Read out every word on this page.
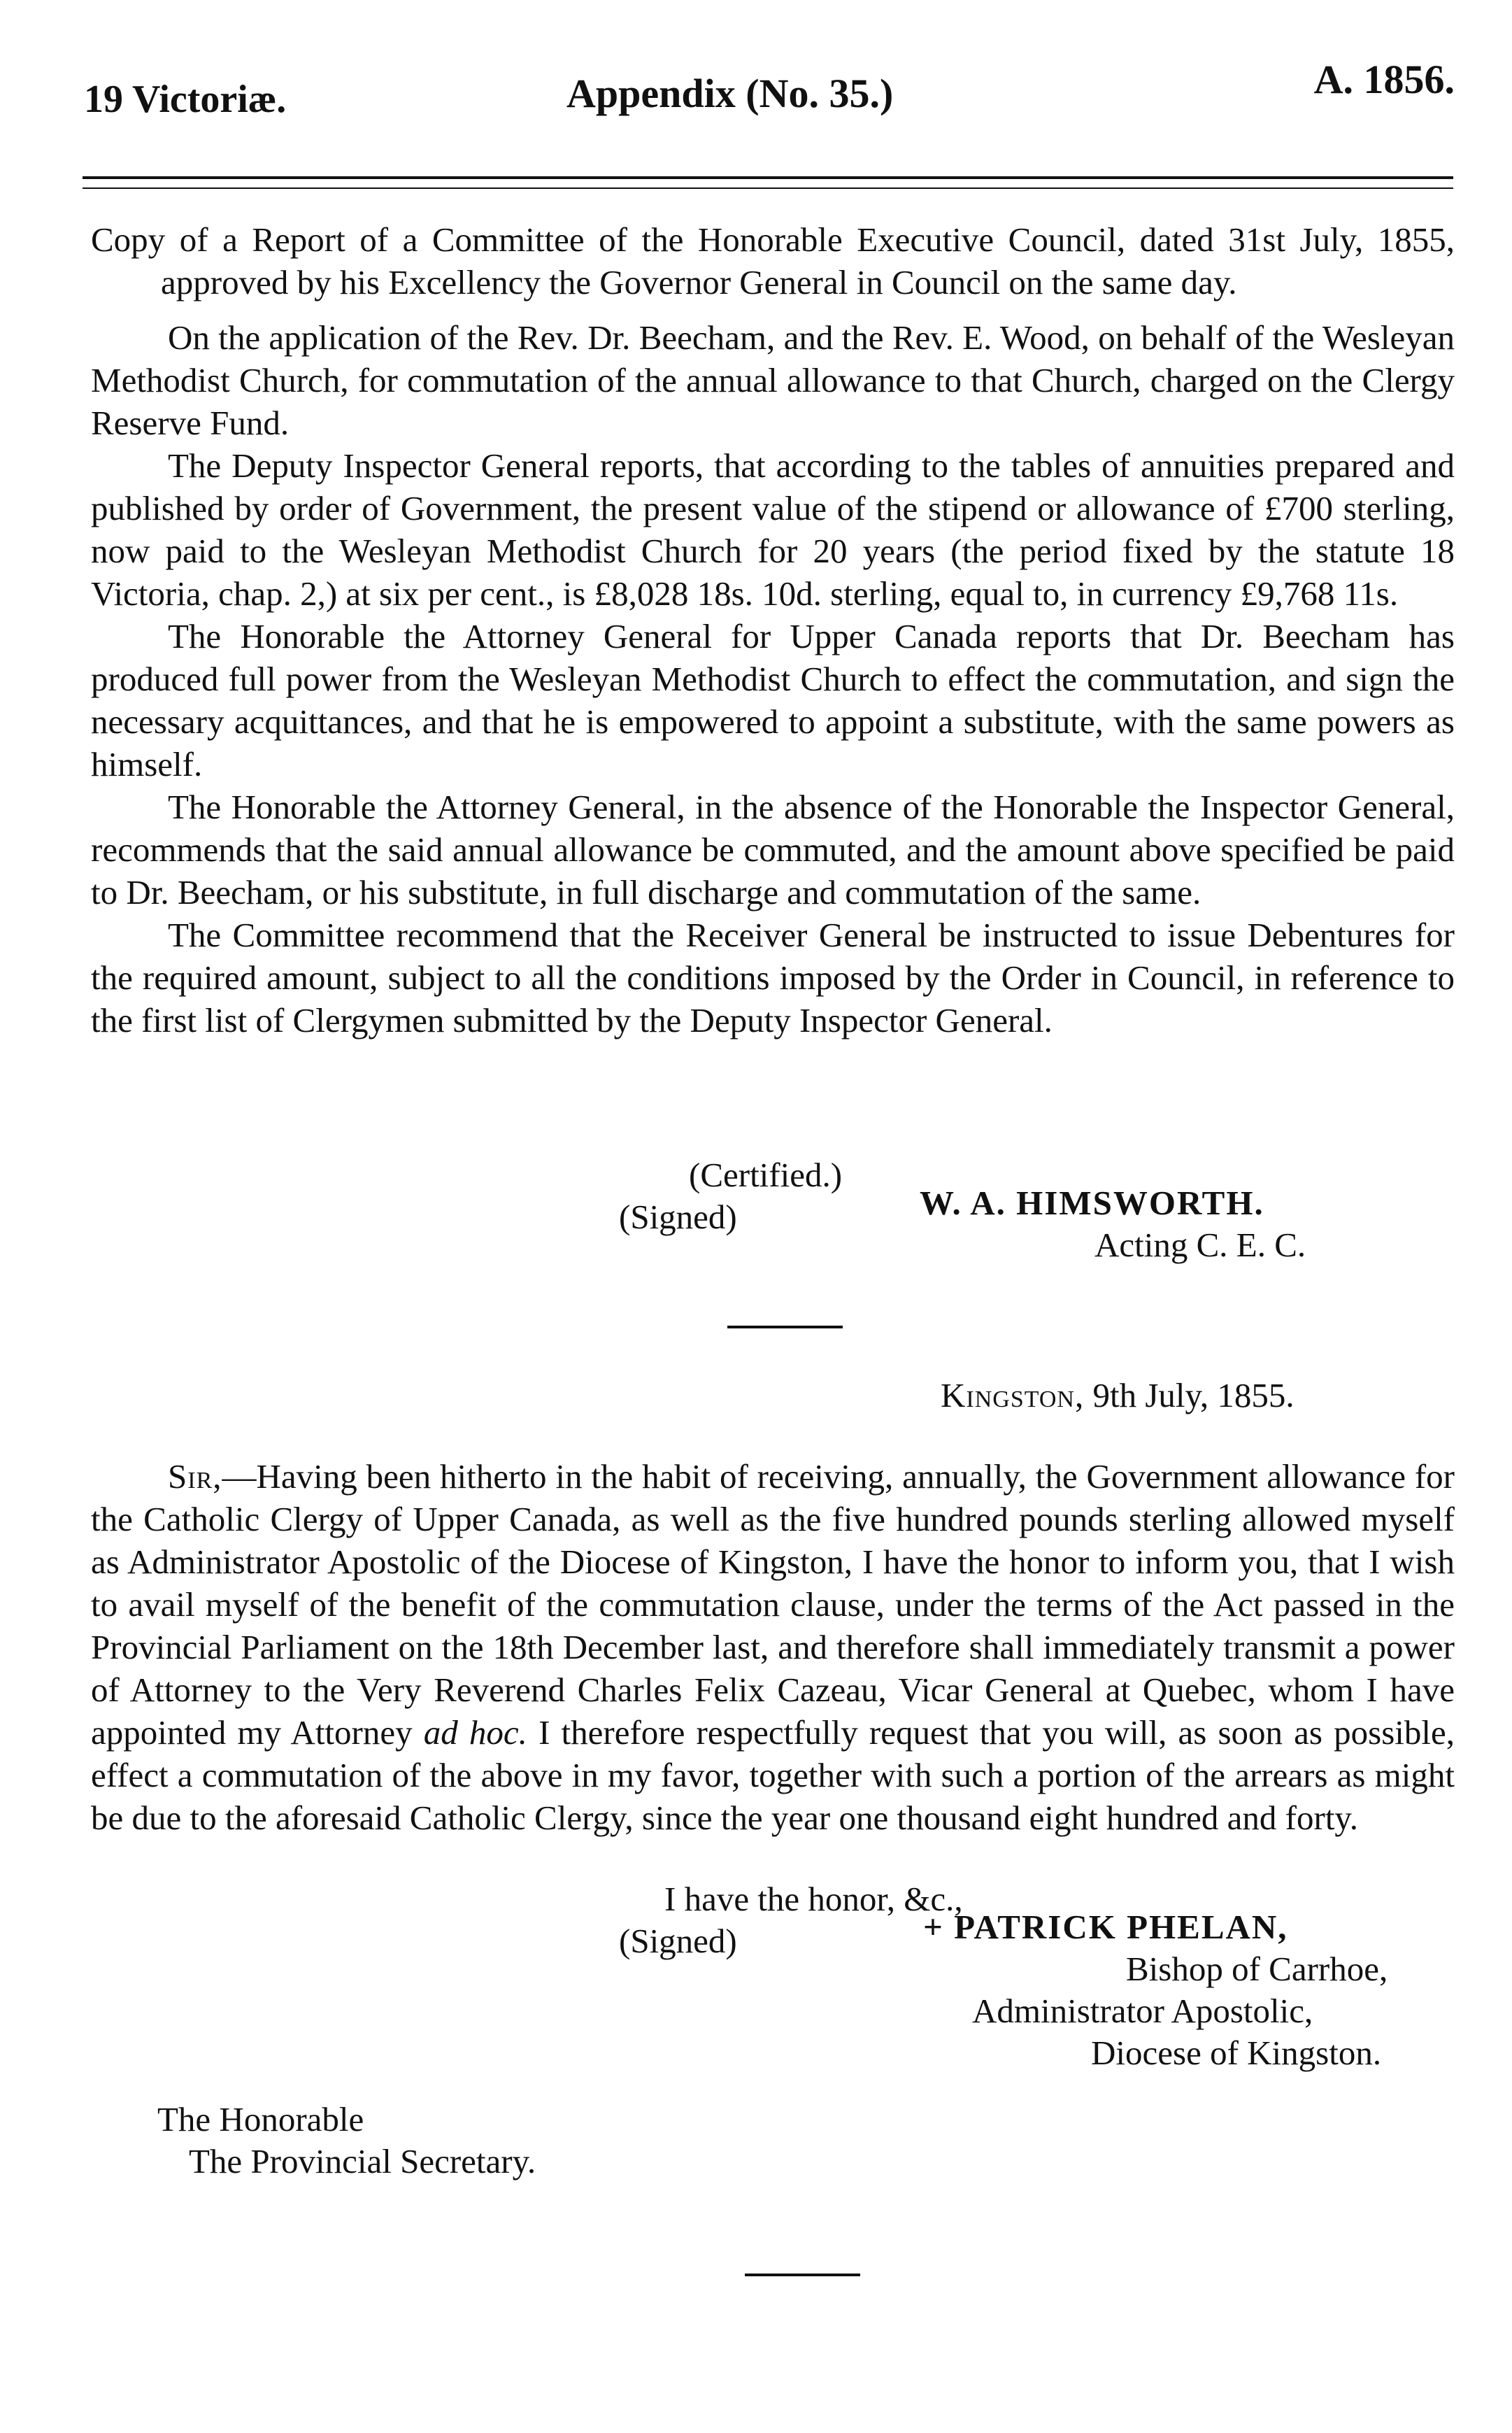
19 Victoriæ.	Appendix (No. 35.)	A. 1856.

Copy of a Report of a Committee of the Honorable Executive Council, dated 31st July, 1855, approved by his Excellency the Governor General in Council on the same day.

On the application of the Rev. Dr. Beecham, and the Rev. E. Wood, on behalf of the Wesleyan Methodist Church, for commutation of the annual allowance to that Church, charged on the Clergy Reserve Fund.

The Deputy Inspector General reports, that according to the tables of annuities prepared and published by order of Government, the present value of the stipend or allowance of £700 sterling, now paid to the Wesleyan Methodist Church for 20 years (the period fixed by the statute 18 Victoria, chap. 2,) at six per cent., is £8,028 18s. 10d. sterling, equal to, in currency £9,768 11s.

The Honorable the Attorney General for Upper Canada reports that Dr. Beecham has produced full power from the Wesleyan Methodist Church to effect the commutation, and sign the necessary acquittances, and that he is empowered to appoint a substitute, with the same powers as himself.

The Honorable the Attorney General, in the absence of the Honorable the Inspector General, recommends that the said annual allowance be commuted, and the amount above specified be paid to Dr. Beecham, or his substitute, in full discharge and commutation of the same.

The Committee recommend that the Receiver General be instructed to issue Debentures for the required amount, subject to all the conditions imposed by the Order in Council, in reference to the first list of Clergymen submitted by the Deputy Inspector General.

(Certified.)
(Signed)	W. A. HIMSWORTH.
Acting C. E. C.
Kingston, 9th July, 1855.

Sir,—Having been hitherto in the habit of receiving, annually, the Government allowance for the Catholic Clergy of Upper Canada, as well as the five hundred pounds sterling allowed myself as Administrator Apostolic of the Diocese of Kingston, I have the honor to inform you, that I wish to avail myself of the benefit of the commutation clause, under the terms of the Act passed in the Provincial Parliament on the 18th December last, and therefore shall immediately transmit a power of Attorney to the Very Reverend Charles Felix Cazeau, Vicar General at Quebec, whom I have appointed my Attorney ad hoc. I therefore respectfully request that you will, as soon as possible, effect a commutation of the above in my favor, together with such a portion of the arrears as might be due to the aforesaid Catholic Clergy, since the year one thousand eight hundred and forty.

I have the honor, &c.,
(Signed)	+ PATRICK PHELAN,
Bishop of Carrhoe,
Administrator Apostolic,
Diocese of Kingston.
The Honorable
The Provincial Secretary.
